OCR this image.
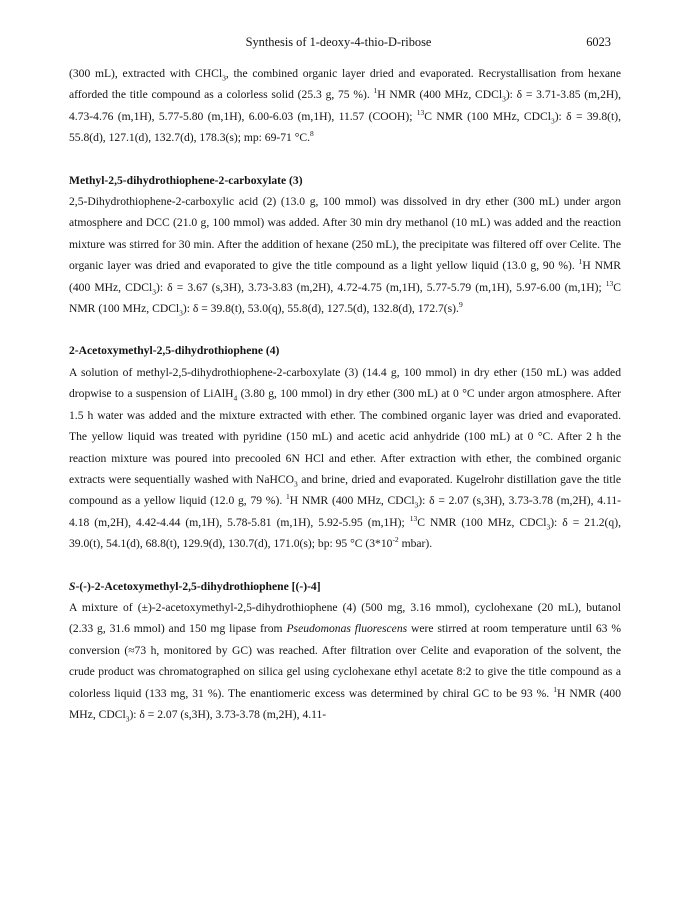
Synthesis of 1-deoxy-4-thio-D-ribose	6023

(300 mL), extracted with CHCl$_3$, the combined organic layer dried and evaporated. Recrystallisation from hexane afforded the title compound as a colorless solid (25.3 g, 75 %). $^1$H NMR (400 MHz, CDCl$_3$): δ = 3.71-3.85 (m,2H), 4.73-4.76 (m,1H), 5.77-5.80 (m,1H), 6.00-6.03 (m,1H), 11.57 (COOH); $^{13}$C NMR (100 MHz, CDCl$_3$): δ = 39.8(t), 55.8(d), 127.1(d), 132.7(d), 178.3(s); mp: 69-71 °C.$^8$

Methyl-2,5-dihydrothiophene-2-carboxylate (3)

2,5-Dihydrothiophene-2-carboxylic acid (2) (13.0 g, 100 mmol) was dissolved in dry ether (300 mL) under argon atmosphere and DCC (21.0 g, 100 mmol) was added. After 30 min dry methanol (10 mL) was added and the reaction mixture was stirred for 30 min. After the addition of hexane (250 mL), the precipitate was filtered off over Celite. The organic layer was dried and evaporated to give the title compound as a light yellow liquid (13.0 g, 90 %). $^1$H NMR (400 MHz, CDCl$_3$): δ = 3.67 (s,3H), 3.73-3.83 (m,2H), 4.72-4.75 (m,1H), 5.77-5.79 (m,1H), 5.97-6.00 (m,1H); $^{13}$C NMR (100 MHz, CDCl$_3$): δ = 39.8(t), 53.0(q), 55.8(d), 127.5(d), 132.8(d), 172.7(s).$^9$

2-Acetoxymethyl-2,5-dihydrothiophene (4)

A solution of methyl-2,5-dihydrothiophene-2-carboxylate (3) (14.4 g, 100 mmol) in dry ether (150 mL) was added dropwise to a suspension of LiAlH$_4$ (3.80 g, 100 mmol) in dry ether (300 mL) at 0 °C under argon atmosphere. After 1.5 h water was added and the mixture extracted with ether. The combined organic layer was dried and evaporated. The yellow liquid was treated with pyridine (150 mL) and acetic acid anhydride (100 mL) at 0 °C. After 2 h the reaction mixture was poured into precooled 6N HCl and ether. After extraction with ether, the combined organic extracts were sequentially washed with NaHCO$_3$ and brine, dried and evaporated. Kugelrohr distillation gave the title compound as a yellow liquid (12.0 g, 79 %). $^1$H NMR (400 MHz, CDCl$_3$): δ = 2.07 (s,3H), 3.73-3.78 (m,2H), 4.11-4.18 (m,2H), 4.42-4.44 (m,1H), 5.78-5.81 (m,1H), 5.92-5.95 (m,1H); $^{13}$C NMR (100 MHz, CDCl$_3$): δ = 21.2(q), 39.0(t), 54.1(d), 68.8(t), 129.9(d), 130.7(d), 171.0(s); bp: 95 °C ($3*10^{-2}$ mbar).

S-(-)-2-Acetoxymethyl-2,5-dihydrothiophene [(-)-4]

A mixture of (±)-2-acetoxymethyl-2,5-dihydrothiophene (4) (500 mg, 3.16 mmol), cyclohexane (20 mL), butanol (2.33 g, 31.6 mmol) and 150 mg lipase from Pseudomonas fluorescens were stirred at room temperature until 63 % conversion (≈73 h, monitored by GC) was reached. After filtration over Celite and evaporation of the solvent, the crude product was chromatographed on silica gel using cyclohexane ethyl acetate 8:2 to give the title compound as a colorless liquid (133 mg, 31 %). The enantiomeric excess was determined by chiral GC to be 93 %. $^1$H NMR (400 MHz, CDCl$_3$): δ = 2.07 (s,3H), 3.73-3.78 (m,2H), 4.11-
